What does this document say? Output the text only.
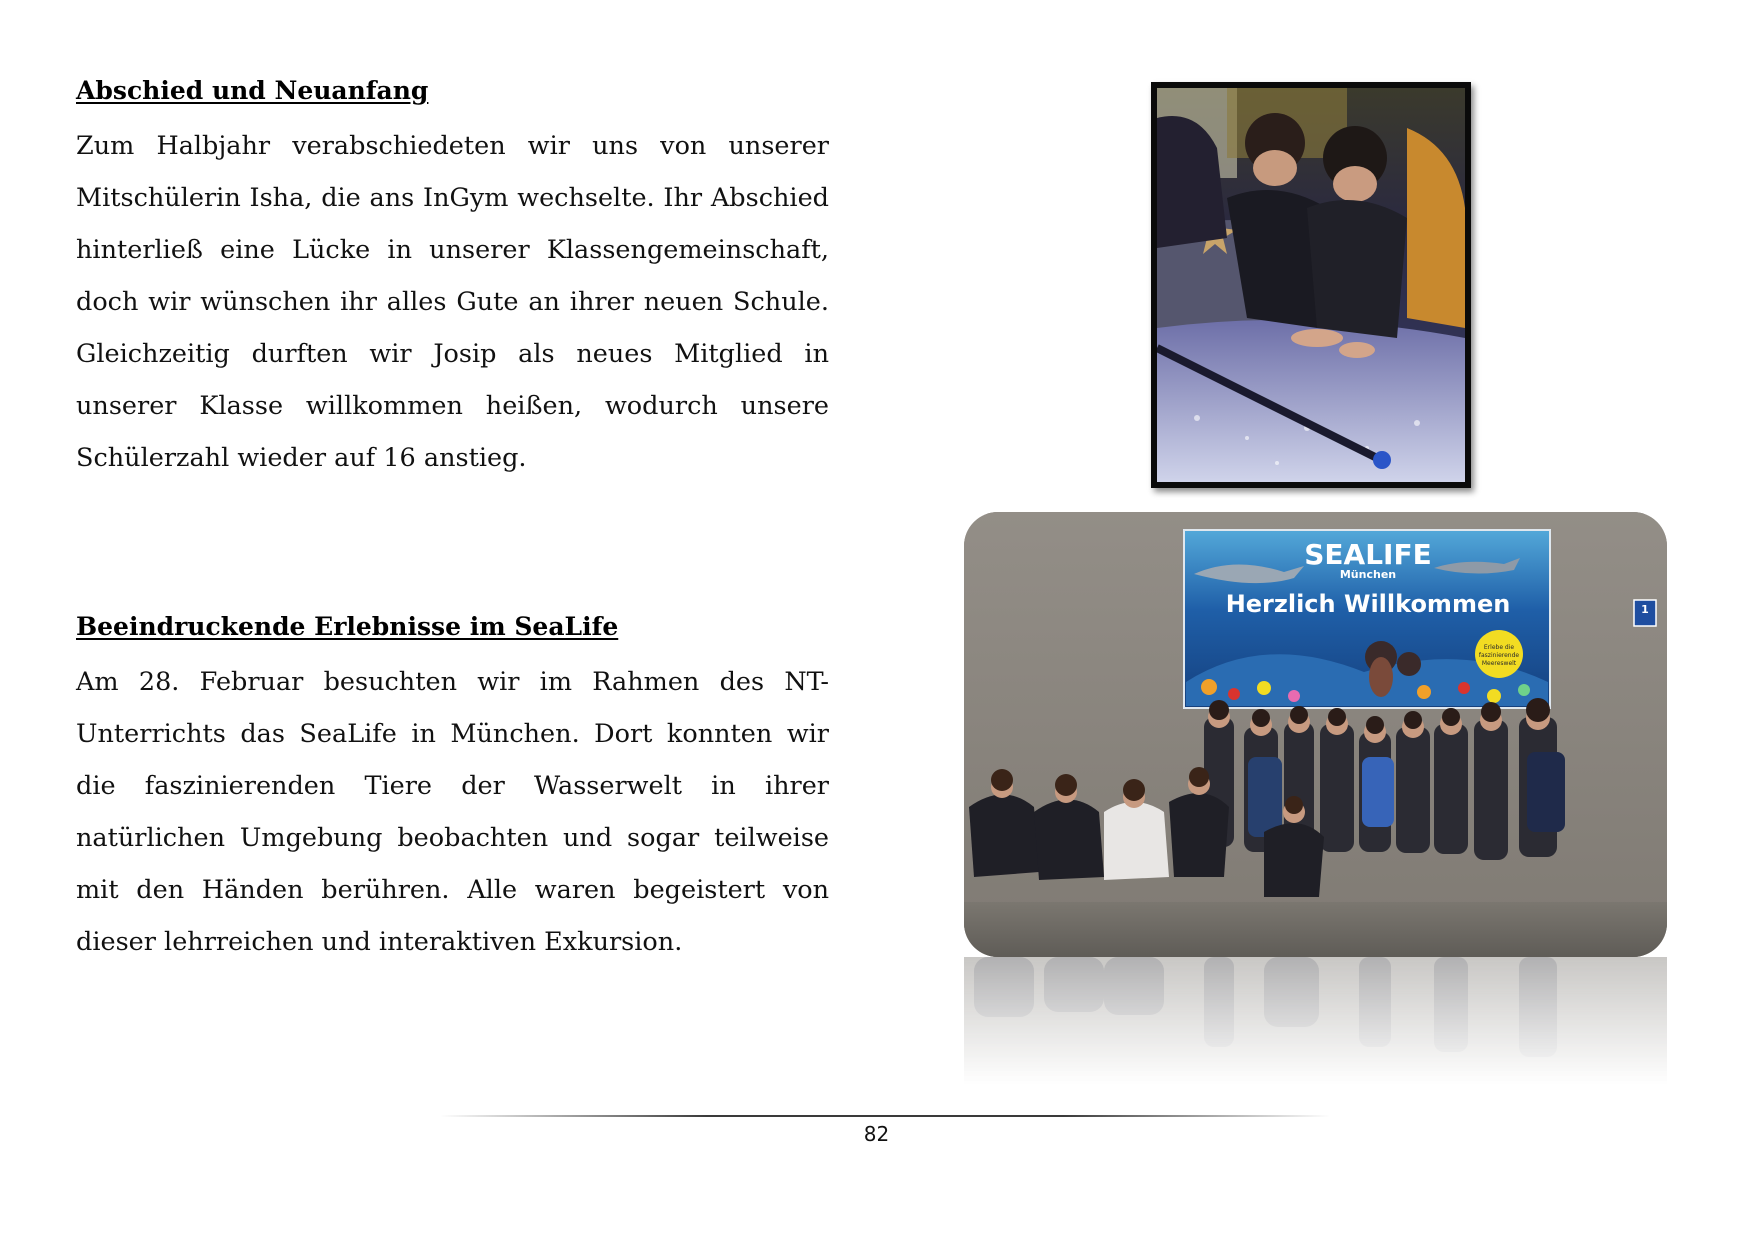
Abschied und Neuanfang

Zum Halbjahr verabschiedeten wir uns von unserer Mitschülerin Isha, die ans InGym wechselte. Ihr Abschied hinterließ eine Lücke in unserer Klassengemeinschaft, doch wir wünschen ihr alles Gute an ihrer neuen Schule. Gleichzeitig durften wir Josip als neues Mitglied in unserer Klasse willkommen heißen, wodurch unsere Schülerzahl wieder auf 16 anstieg.

Beeindruckende Erlebnisse im SeaLife

Am 28. Februar besuchten wir im Rahmen des NT-Unterrichts das SeaLife in München. Dort konnten wir die faszinierenden Tiere der Wasserwelt in ihrer natürlichen Umgebung beobachten und sogar teilweise mit den Händen berühren. Alle waren begeistert von dieser lehrreichen und interaktiven Exkursion.

SEALIFE
München
Herzlich Willkommen
Erlebe die
faszinierende
Meereswelt
1
82
